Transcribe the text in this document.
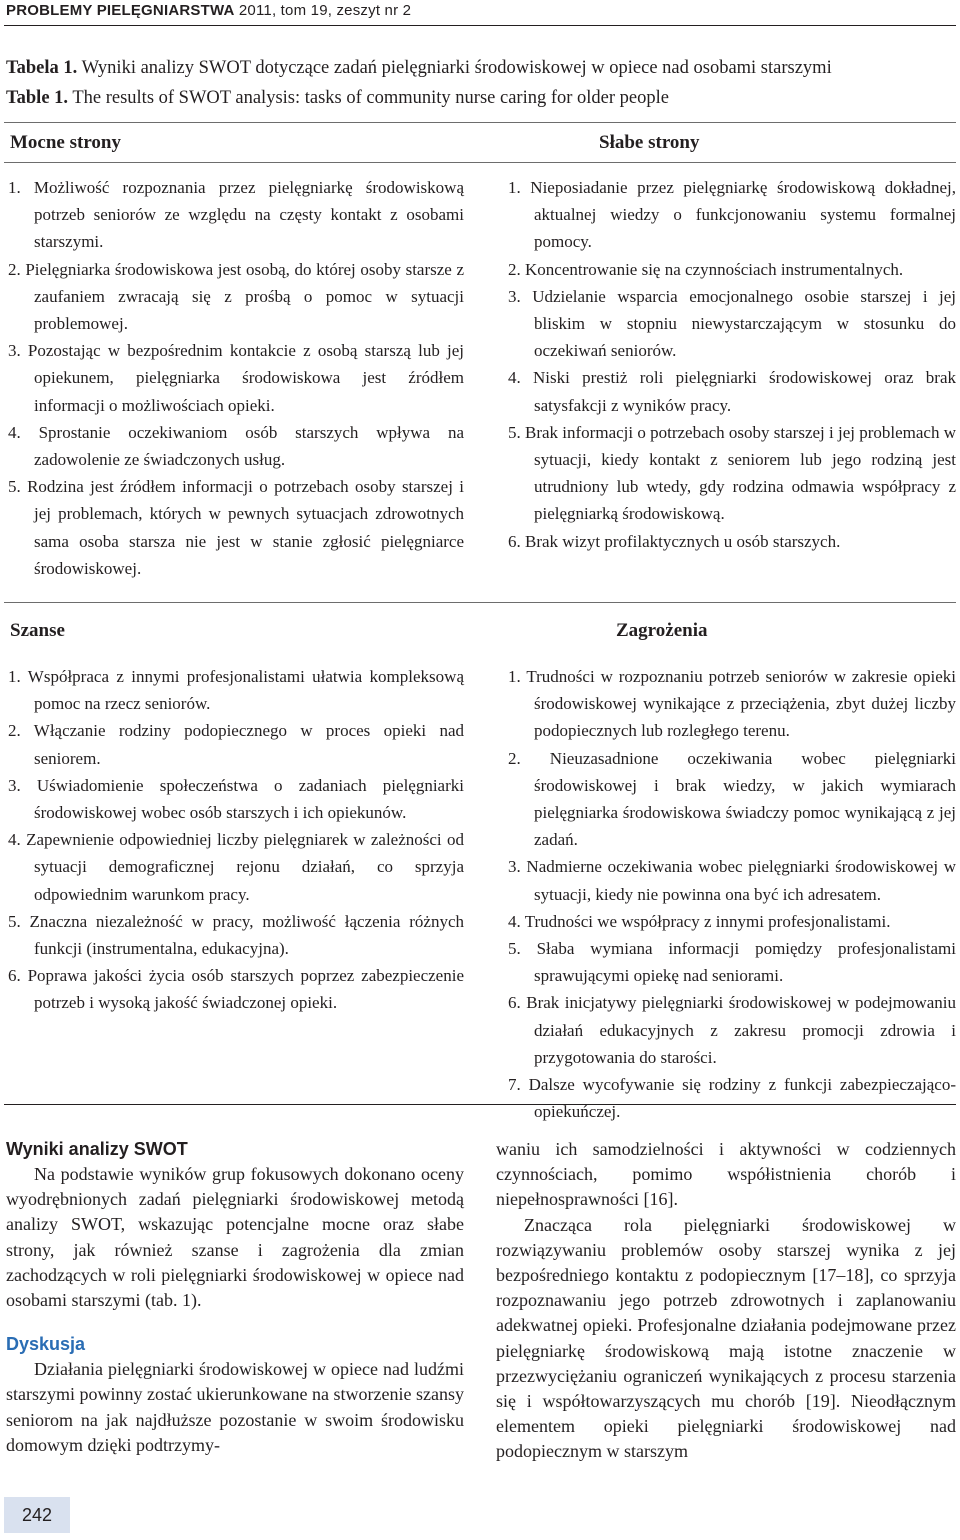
PROBLEMY PIELĘGNIARSTWA 2011, tom 19, zeszyt nr 2
Tabela 1. Wyniki analizy SWOT dotyczące zadań pielęgniarki środowiskowej w opiece nad osobami starszymi
Table 1. The results of SWOT analysis: tasks of community nurse caring for older people
Mocne strony	Słabe strony
1. Możliwość rozpoznania przez pielęgniarkę środowiskową potrzeb seniorów ze względu na częsty kontakt z osobami starszymi.
2. Pielęgniarka środowiskowa jest osobą, do której osoby starsze z zaufaniem zwracają się z prośbą o pomoc w sytuacji problemowej.
3. Pozostając w bezpośrednim kontakcie z osobą starszą lub jej opiekunem, pielęgniarka środowiskowa jest źródłem informacji o możliwościach opieki.
4. Sprostanie oczekiwaniom osób starszych wpływa na zadowolenie ze świadczonych usług.
5. Rodzina jest źródłem informacji o potrzebach osoby starszej i jej problemach, których w pewnych sytuacjach zdrowotnych sama osoba starsza nie jest w stanie zgłosić pielęgniarce środowiskowej.
1. Nieposiadanie przez pielęgniarkę środowiskową dokładnej, aktualnej wiedzy o funkcjonowaniu systemu formalnej pomocy.
2. Koncentrowanie się na czynnościach instrumentalnych.
3. Udzielanie wsparcia emocjonalnego osobie starszej i jej bliskim w stopniu niewystarczającym w stosunku do oczekiwań seniorów.
4. Niski prestiż roli pielęgniarki środowiskowej oraz brak satysfakcji z wyników pracy.
5. Brak informacji o potrzebach osoby starszej i jej problemach w sytuacji, kiedy kontakt z seniorem lub jego rodziną jest utrudniony lub wtedy, gdy rodzina odmawia współpracy z pielęgniarką środowiskową.
6. Brak wizyt profilaktycznych u osób starszych.
Szanse	Zagrożenia
1. Współpraca z innymi profesjonalistami ułatwia kompleksową pomoc na rzecz seniorów.
2. Włączanie rodziny podopiecznego w proces opieki nad seniorem.
3. Uświadomienie społeczeństwa o zadaniach pielęgniarki środowiskowej wobec osób starszych i ich opiekunów.
4. Zapewnienie odpowiedniej liczby pielęgniarek w zależności od sytuacji demograficznej rejonu działań, co sprzyja odpowiednim warunkom pracy.
5. Znaczna niezależność w pracy, możliwość łączenia różnych funkcji (instrumentalna, edukacyjna).
6. Poprawa jakości życia osób starszych poprzez zabezpieczenie potrzeb i wysoką jakość świadczonej opieki.
1. Trudności w rozpoznaniu potrzeb seniorów w zakresie opieki środowiskowej wynikające z przeciążenia, zbyt dużej liczby podopiecznych lub rozległego terenu.
2. Nieuzasadnione oczekiwania wobec pielęgniarki środowiskowej i brak wiedzy, w jakich wymiarach pielęgniarka środowiskowa świadczy pomoc wynikającą z jej zadań.
3. Nadmierne oczekiwania wobec pielęgniarki środowiskowej w sytuacji, kiedy nie powinna ona być ich adresatem.
4. Trudności we współpracy z innymi profesjonalistami.
5. Słaba wymiana informacji pomiędzy profesjonalistami sprawującymi opiekę nad seniorami.
6. Brak inicjatywy pielęgniarki środowiskowej w podejmowaniu działań edukacyjnych z zakresu promocji zdrowia i przygotowania do starości.
7. Dalsze wycofywanie się rodziny z funkcji zabezpieczająco-opiekuńczej.

Wyniki analizy SWOT

Na podstawie wyników grup fokusowych dokonano oceny wyodrębnionych zadań pielęgniarki środowiskowej metodą analizy SWOT, wskazując potencjalne mocne oraz słabe strony, jak również szanse i zagrożenia dla zmian zachodzących w roli pielęgniarki środowiskowej w opiece nad osobami starszymi (tab. 1).

Dyskusja

Działania pielęgniarki środowiskowej w opiece nad ludźmi starszymi powinny zostać ukierunkowane na stworzenie szansy seniorom na jak najdłuższe pozostanie w swoim środowisku domowym dzięki podtrzymy-

waniu ich samodzielności i aktywności w codziennych czynnościach, pomimo współistnienia chorób i niepełnosprawności [16].

Znacząca rola pielęgniarki środowiskowej w rozwiązywaniu problemów osoby starszej wynika z jej bezpośredniego kontaktu z podopiecznym [17–18], co sprzyja rozpoznawaniu jego potrzeb zdrowotnych i zaplanowaniu adekwatnej opieki. Profesjonalne działania podejmowane przez pielęgniarkę środowiskową mają istotne znaczenie w przezwyciężaniu ograniczeń wynikających z procesu starzenia się i współtowarzyszących mu chorób [19]. Nieodłącznym elementem opieki pielęgniarki środowiskowej nad podopiecznym w starszym

242
